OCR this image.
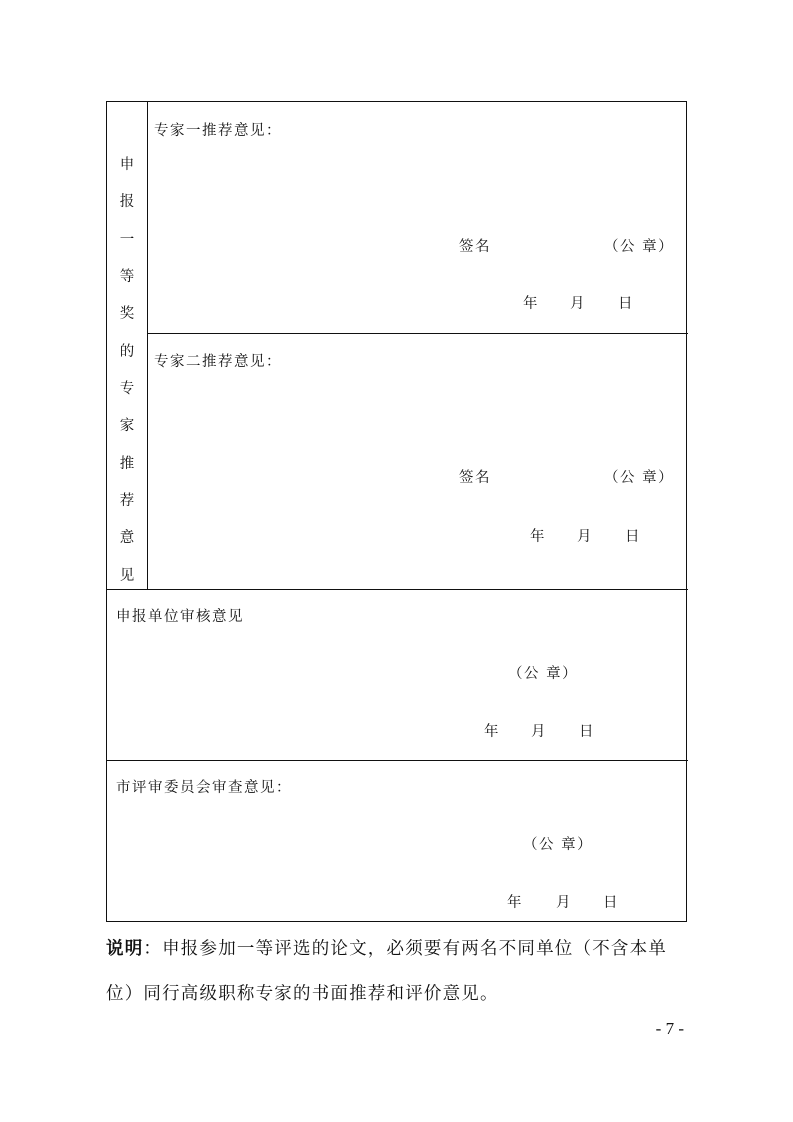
申
报
一
等
奖
的
专
家
推
荐
意
见
专家一推荐意见：
签名	（公 章）
年 月 日
专家二推荐意见：
签名	（公 章）
年 月 日
申报单位审核意见
（公 章）
年 月 日
市评审委员会审查意见：
（公 章）
年 月 日
说明：申报参加一等评选的论文，必须要有两名不同单位（不含本单
位）同行高级职称专家的书面推荐和评价意见。
- 7 -
